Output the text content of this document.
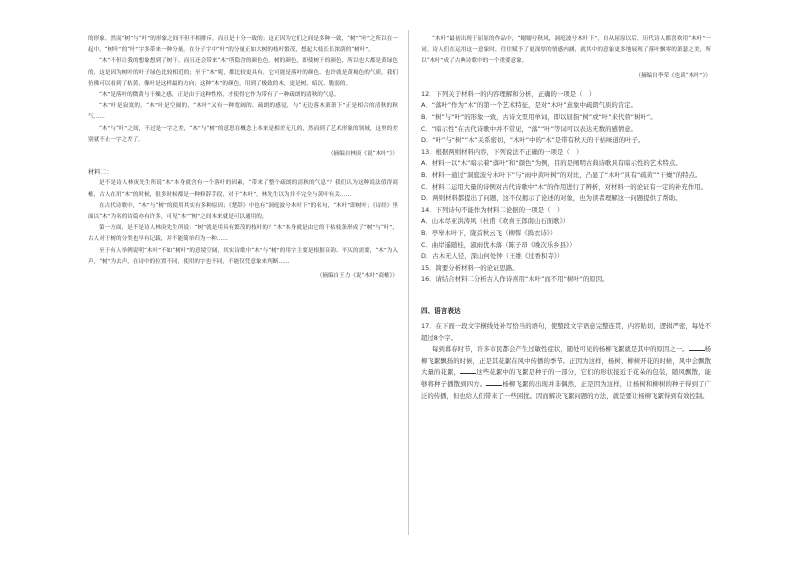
的形象。然而“树”与“叶”的形象之间不但不相排斥，而且是十分一致的；这正因为它们之间是多种一致，“树”“叶”之所以在一起中，“树叶”的“叶”字多带来一种分量。在分子字中“叶”的分量正如大树的枝叶繁茂，想起大枝长长浓荫的“树叶”。

“木”不但让我的想象想到了树干，而且还会带来“木”所隐含的颜色色。树的颜色，即使树干的颜色，所以也大都是黄绿色的，这是因为树叶的叶子绿色比较相近的；至于“木”呢，都比较更具有，它可能是落叶的颜色，也许就是黄褐色的气质，我们仿佛可以看到了枯黄，像叶是这样最的方向；这种“木”的颜色，用到了极致的木，更是树、暗沉、脆弱的。

“木”是落叶的微黄与干燥之感，正是由于这种性格，才使得它作为带有了一种疏朗的清秋的气息。

“木”叶是寂寞的，“木”叶是空阔的，“木叶”又有一种宽阔的、疏朗的感觉，与“无边落木萧萧下”正是相合的清秋的秋气……

“木”与“叶”之间，不过是一字之差，“木”与“树”的意思在概念上本来是相差无几的，然而到了艺术形象的领域，这里的差别就不止一字之差了。

（摘编自林庚《说“木叶”》）

材料二：

是不是诗人林庚先生所说“木”本身就含有一个落叶的因素，“带来了整个疏朗的清秋的气息”？我们认为这种说法值得商榷，古人在用“木”的时候，很多时候都是一种修辞手段，对于“木叶”，林先生以为并不完全与黄叶有关……

在古代诗歌中，“木”与“树”的使用其实有多种原因；《楚辞》中也有“洞庭波兮木叶下”的名句，“木叶”即树叶；《诗经》里面以“木”为名的诗篇亦有许多，可见“木”“树”之间本来就是可以通用的。

第一方面，是不是诗人林庚先生所说：“树”就是用具有繁茂的枝叶的？“木”本身就是由它的干枯枝条形成了“树”与“叶”，古人对于树的分类也早有记载，并不能简单归为一种……

至于有人举例说明“木叶”不如“树叶”的意境空阔，其实诗歌中“木”与“树”的用字主要是根据音韵、平仄的需要，“木”为入声，“树”为去声，在诗中的位置不同，使用的字也不同，不能仅凭意象来判断……

（摘编自王力《说“木叶”商榷》）

“木叶”最初出现于屈原的作品中，“嫋嫋兮秋风，洞庭波兮木叶下”，自从屈原以后，历代诗人都喜欢用“木叶”一词。诗人们在运用这一意象时，往往赋予了更深厚的情感内涵，就其中的意象更多地展现了落叶飘零的萧瑟之美，所以“木叶”成了古典诗歌中的一个重要意象。

（摘编自李荣《也谈“木叶”》）

12．下列关于材料一的内容理解和分析，正确的一项是（　）

A．“落叶”作为“木”的第一个艺术特征，是对“木叶”意象中疏朗气质的肯定。

B．“树”与“叶”的形象一致，古诗文里用单词，即以屈指“树”或“叶”来代替“树叶”。

C．“暗示性”在古代诗歌中并不常见，“落”“叶”等词可以表达无数的感情意。

D．“叶”与“树”“木”关系密切，“木叶”中的“木”是带有秋天的干枯味道的叶子。

13．根据两则材料内容，下列说法不正确的一项是（　）

A．材料一以“木”暗示着“落叶”和“颜色”为例，目的是阐明古典诗歌具有暗示性的艺术特点。

B．材料一通过“洞庭波兮木叶下”与“雨中黄叶树”的对比，凸显了“木叶”具有“疏黄”“干燥”的特点。

C．材料二运用大量的诗例对古代诗歌中“木”的作用进行了辨析，对材料一的论证有一定的补充作用。

D．两则材料都提出了问题，这不仅揭示了论述的对象，也为读者理解这一问题提供了帮助。

14．下列诗句不能作为材料二论据的一项是（　）

A．山木尽亚洪涛风（杜甫《欢喜王郎南山石面歌》）

B．亭皋木叶下，陇首秋云飞（柳恽《捣衣诗》）

C．曲岸遥随桂，淑雨优木落（陈子昂《晚次乐乡县》）

D．古木无人径，深山何处钟（王维《过香积寺》）

15．简要分析材料一的论证思路。

16．请结合材料二分析古人作诗喜用“木叶”而不用“树叶”的原因。

四、语言表达

17．在下面一段文字横线处补写恰当的语句，使整段文字语意完整连贯，内容贴切，逻辑严密，每处不超过8个字。

每到暮春时节，许多市民都会产生过敏性症状，随处可见的杨柳飞絮就是其中的原因之一。	杨柳飞絮飘扬的时候，正是其花絮在风中传播的季节。正因为这样，杨树、柳树开花的时候，风中会飘散大量的花絮，	这些花絮中的飞絮是种子的一部分，它们的形状接近于花朵的包装，随风飘散，能够将种子播散到四方。	杨柳飞絮的出现并非偶然，正是因为这样，让杨树和柳树的种子得到了广泛的传播，但也给人们带来了一些困扰。因而解决飞絮问题的方法，就是要让杨柳飞絮得到有效控制。
